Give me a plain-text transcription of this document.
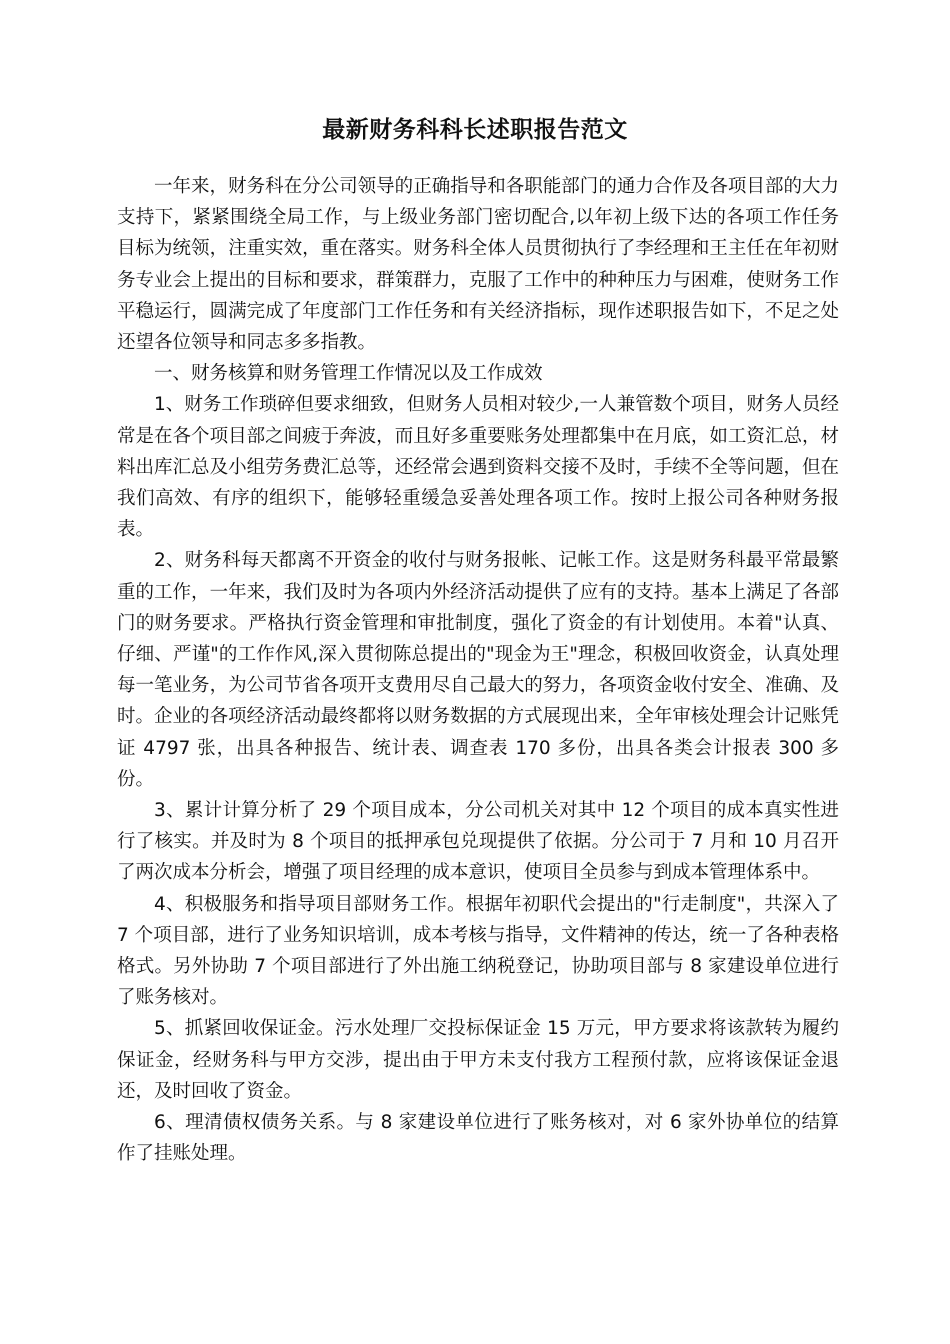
最新财务科科长述职报告范文

一年来，财务科在分公司领导的正确指导和各职能部门的通力合作及各项目部的大力支持下，紧紧围绕全局工作，与上级业务部门密切配合,以年初上级下达的各项工作任务目标为统领，注重实效，重在落实。财务科全体人员贯彻执行了李经理和王主任在年初财务专业会上提出的目标和要求，群策群力，克服了工作中的种种压力与困难，使财务工作平稳运行，圆满完成了年度部门工作任务和有关经济指标，现作述职报告如下，不足之处还望各位领导和同志多多指教。

一、财务核算和财务管理工作情况以及工作成效

1、财务工作琐碎但要求细致，但财务人员相对较少,一人兼管数个项目，财务人员经常是在各个项目部之间疲于奔波，而且好多重要账务处理都集中在月底，如工资汇总，材料出库汇总及小组劳务费汇总等，还经常会遇到资料交接不及时，手续不全等问题，但在我们高效、有序的组织下，能够轻重缓急妥善处理各项工作。按时上报公司各种财务报表。

2、财务科每天都离不开资金的收付与财务报帐、记帐工作。这是财务科最平常最繁重的工作，一年来，我们及时为各项内外经济活动提供了应有的支持。基本上满足了各部门的财务要求。严格执行资金管理和审批制度，强化了资金的有计划使用。本着"认真、仔细、严谨"的工作作风,深入贯彻陈总提出的"现金为王"理念，积极回收资金，认真处理每一笔业务，为公司节省各项开支费用尽自己最大的努力，各项资金收付安全、准确、及时。企业的各项经济活动最终都将以财务数据的方式展现出来，全年审核处理会计记账凭证 4797 张，出具各种报告、统计表、调查表 170 多份，出具各类会计报表 300 多份。

3、累计计算分析了 29 个项目成本，分公司机关对其中 12 个项目的成本真实性进行了核实。并及时为 8 个项目的抵押承包兑现提供了依据。分公司于 7 月和 10 月召开了两次成本分析会，增强了项目经理的成本意识，使项目全员参与到成本管理体系中。

4、积极服务和指导项目部财务工作。根据年初职代会提出的"行走制度"，共深入了 7 个项目部，进行了业务知识培训，成本考核与指导，文件精神的传达，统一了各种表格格式。另外协助 7 个项目部进行了外出施工纳税登记，协助项目部与 8 家建设单位进行了账务核对。

5、抓紧回收保证金。污水处理厂交投标保证金 15 万元，甲方要求将该款转为履约保证金，经财务科与甲方交涉，提出由于甲方未支付我方工程预付款，应将该保证金退还，及时回收了资金。

6、理清债权债务关系。与 8 家建设单位进行了账务核对，对 6 家外协单位的结算作了挂账处理。
